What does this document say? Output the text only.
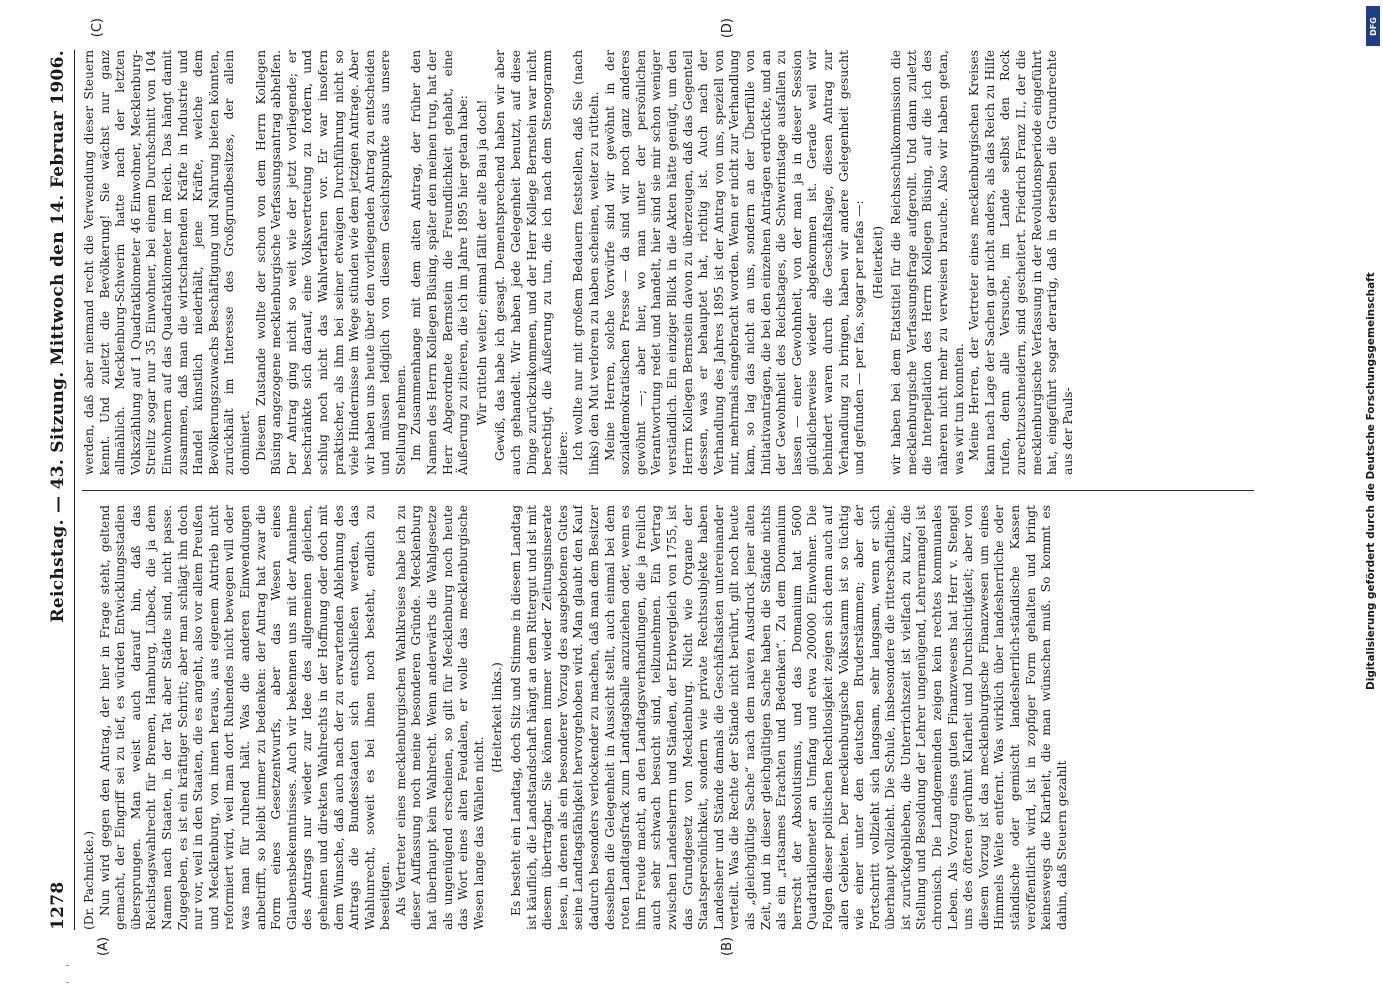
1278
Reichstag. — 43. Sitzung. Mittwoch den 14. Februar 1906.

(Dr. Pachnicke.) Nun wird gegen den Antrag, der hier in Frage steht, geltend gemacht, der Eingriff sei zu tief, es würden Entwicklungsstadien übersprungen. Man weist auch darauf hin, daß das Reichstagswahlrecht für Bremen, Hamburg, Lübeck, die ja dem Namen nach Staaten, in der Tat aber Städte sind, nicht passe. Zugegeben, es ist ein kräftiger Schritt; aber man schlägt ihn doch nur vor, weil in den Staaten, die es angeht, also vor allem Preußen und Mecklenburg, von innen heraus, aus eigenem Antrieb nicht reformiert wird, weil man dort Ruhendes nicht bewegen will oder was man für ruhend hält. Was die anderen Einwendungen anbetrifft, so bleibt immer zu bedenken: der Antrag hat zwar die Form eines Gesetzentwurfs, aber das Wesen eines Glaubensbekenntnisses. Auch wir bekennen uns mit der Annahme des Antrags nur wieder zur Idee des allgemeinen gleichen, geheimen und direkten Wahlrechts in der Hoffnung oder doch mit dem Wunsche, daß auch nach der zu erwartenden Ablehnung des Antrags die Bundesstaaten sich entschließen werden, das Wahlunrecht, soweit es bei ihnen noch besteht, endlich zu beseitigen. Als Vertreter eines mecklenburgischen Wahlkreises habe ich zu dieser Auffassung noch meine besonderen Gründe. Mecklenburg hat überhaupt kein Wahlrecht. Wenn anderwärts die Wahlgesetze als ungenügend erscheinen, so gilt für Mecklenburg noch heute das Wort eines alten Feudalen, er wolle das mecklenburgische Wesen lange das Wählen nicht.

(Heiterkeit links.) Es besteht ein Landtag, doch Sitz und Stimme in diesem Landtag ist käuflich, die Landstandschaft hängt an dem Rittergut und ist mit diesem übertragbar. Sie können immer wieder Zeitungsinserate lesen, in denen als ein besonderer Vorzug des ausgebotenen Gutes seine Landtagsfähigkeit hervorgehoben wird. Man glaubt den Kauf dadurch besonders verlockender zu machen, daß man dem Besitzer desselben die Gelegenheit in Aussicht stellt, auch einmal bei dem roten Landtagsfrack zum Landtagsballe anzuziehen oder, wenn es ihm Freude macht, an den Landtagsverhandlungen, die ja freilich auch sehr schwach besucht sind, teilzunehmen. Ein Vertrag zwischen Landesherrn und Ständen, der Erbvergleich von 1755, ist das Grundgesetz von Mecklenburg. Nicht wie Organe der Staatspersönlichkeit, sondern wie private Rechtssubjekte haben Landesherr und Stände damals die Geschäftslasten untereinander verteilt. Was die Rechte der Stände nicht berührt, gilt noch heute als „gleichgültige Sache“ nach dem naiven Ausdruck jener alten Zeit, und in dieser gleichgültigen Sache haben die Stände nichts als ein „ratsames Erachten und Bedenken“. Zu dem Domanium herrscht der Absolutismus, und das Domanium hat 5600 Quadratkilometer an Umfang und etwa 200000 Einwohner. Die Folgen dieser politischen Rechtlosigkeit zeigen sich denn auch auf allen Gebieten. Der mecklenburgische Volksstamm ist so tüchtig wie einer unter den deutschen Bruderstämmen; aber der Fortschritt vollzieht sich langsam, sehr langsam, wenn er sich überhaupt vollzieht. Die Schule, insbesondere die ritterschaftliche, ist zurückgeblieben, die Unterrichtszeit ist vielfach zu kurz, die Stellung und Besoldung der Lehrer ungenügend, Lehrermangel ist chronisch. Die Landgemeinden zeigen kein rechtes kommunales Leben. Als Vorzug eines guten Finanzwesens hat Herr v. Stengel uns des öfteren gerühmt Klarheit und Durchsichtigkeit; aber von diesem Vorzug ist das mecklenburgische Finanzwesen um eines Himmels Weite entfernt. Was wirklich über landesherrliche oder ständische oder gemischt landesherrlich-ständische Kassen veröffentlicht wird, ist in zopfiger Form gehalten und bringt keineswegs die Klarheit, die man wünschen muß. So kommt es dahin, daß Steuern gezahlt

werden, daß aber niemand recht die Verwendung dieser Steuern kennt. Und zuletzt die Bevölkerung! Sie wächst nur ganz allmählich. Mecklenburg-Schwerin hatte nach der letzten Volkszählung auf 1 Quadratkilometer 46 Einwohner, Mecklenburg-Strelitz sogar nur 35 Einwohner, bei einem Durchschnitt von 104 Einwohnern auf das Quadratkilometer im Reich. Das hängt damit zusammen, daß man die wirtschaftenden Kräfte in Industrie und Handel künstlich niederhält, jene Kräfte, welche dem Bevölkerungszuwachs Beschäftigung und Nahrung bieten könnten, zurückhält im Interesse des Großgrundbesitzes, der allein dominiert. Diesem Zustande wollte der schon von dem Herrn Kollegen Büsing angezogene mecklenburgische Verfassungsantrag abhelfen. Der Antrag ging nicht so weit wie der jetzt vorliegende; er beschränkte sich darauf, eine Volksvertretung zu fordern, und schlug noch nicht das Wahlverfahren vor. Er war insofern praktischer, als ihm bei seiner etwaigen Durchführung nicht so viele Hindernisse im Wege stünden wie dem jetzigen Antrage. Aber wir haben uns heute über den vorliegenden Antrag zu entscheiden und müssen lediglich von diesem Gesichtspunkte aus unsere Stellung nehmen. Im Zusammenhange mit dem alten Antrag, der früher den Namen des Herrn Kollegen Büsing, später den meinen trug, hat der Herr Abgeordnete Bernstein die Freundlichkeit gehabt, eine Äußerung zu zitieren, die ich im Jahre 1895 hier getan habe: Wir rütteln weiter; einmal fällt der alte Bau ja doch! Gewiß, das habe ich gesagt. Dementsprechend haben wir aber auch gehandelt. Wir haben jede Gelegenheit benutzt, auf diese Dinge zurückzukommen, und der Herr Kollege Bernstein war nicht berechtigt, die Äußerung zu tun, die ich nach dem Stenogramm zitiere: Ich wollte nur mit großem Bedauern feststellen, daß Sie (nach links) den Mut verloren zu haben scheinen, weiter zu rütteln. Meine Herren, solche Vorwürfe sind wir gewöhnt in der sozialdemokratischen Presse — da sind wir noch ganz anderes gewöhnt —; aber hier, wo man unter der persönlichen Verantwortung redet und handelt, hier sind sie mir schon weniger verständlich. Ein einziger Blick in die Akten hätte genügt, um den Herrn Kollegen Bernstein davon zu überzeugen, daß das Gegenteil dessen, was er behauptet hat, richtig ist. Auch nach der Verhandlung des Jahres 1895 ist der Antrag von uns, speziell von mir, mehrmals eingebracht worden. Wenn er nicht zur Verhandlung kam, so lag das nicht an uns, sondern an der Überfülle von Initiativanträgen, die bei den einzelnen Anträgen erdrückte, und an der Gewohnheit des Reichstages, die Schwerinstage ausfallen zu lassen — einer Gewohnheit, von der man ja in dieser Session glücklicherweise wieder abgekommen ist. Gerade weil wir behindert waren durch die Geschäftslage, diesen Antrag zur Verhandlung zu bringen, haben wir andere Gelegenheit gesucht und gefunden — per fas, sogar per nefas —: (Heiterkeit) wir haben bei dem Etatstitel für die Reichsschulkommission die mecklenburgische Verfassungsfrage aufgerollt. Und dann zuletzt die Interpellation des Herrn Kollegen Büsing, auf die ich des näheren nicht mehr zu verweisen brauche. Also wir haben getan, was wir tun konnten. Meine Herren, der Vertreter eines mecklenburgischen Kreises kann nach Lage der Sachen gar nicht anders, als das Reich zu Hilfe rufen, denn alle Versuche, im Lande selbst den Rock zurechtzuschneidern, sind gescheitert. Friedrich Franz II., der die mecklenburgische Verfassung in der Revolutionsperiode eingeführt hat, eingeführt sogar derartig, daß in derselben die Grundrechte aus der Pauls-

(A)	(B)
(C)	(D)
Digitalisierung gefördert durch die Deutsche Forschungsgemeinschaft
DFG
